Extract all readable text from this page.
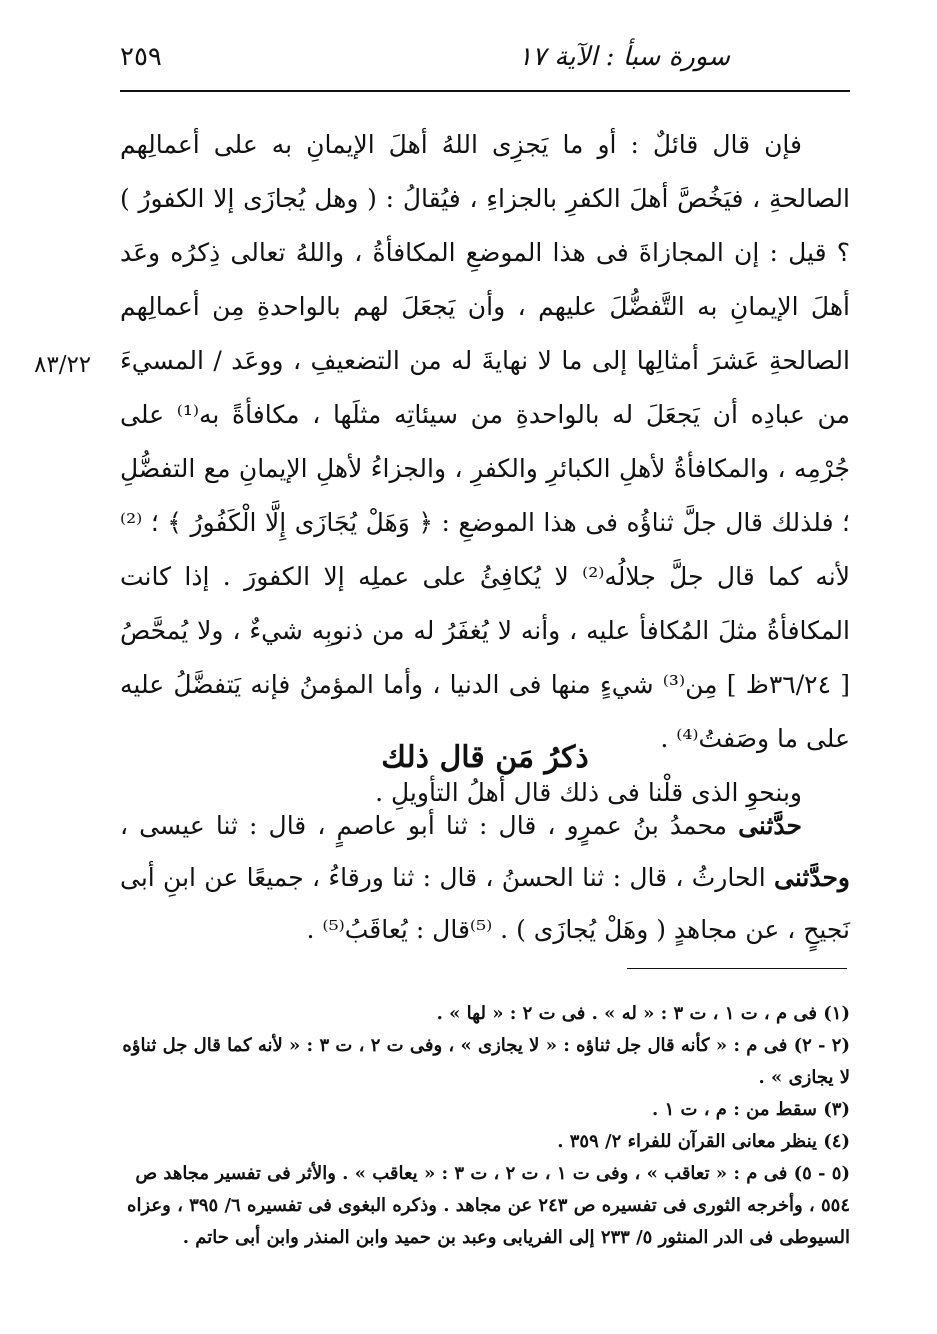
سورة سبأ : الآية ١٧
٢٥٩
٨٣/٢٢

فإن قال قائلٌ : أو ما يَجزِى اللهُ أهلَ الإيمانِ به على أعمالِهم الصالحةِ ، فيَخُصَّ أهلَ الكفرِ بالجزاءِ ، فيُقالُ : ( وهل يُجازَى إلا الكفورُ ) ؟ قيل : إن المجازاةَ فى هذا الموضعِ المكافأةُ ، واللهُ تعالى ذِكرُه وعَد أهلَ الإيمانِ به التَّفضُّلَ عليهم ، وأن يَجعَلَ لهم بالواحدةِ مِن أعمالِهم الصالحةِ عَشرَ أمثالِها إلى ما لا نهايةَ له من التضعيفِ ، ووعَد / المسيءَ من عبادِه أن يَجعَلَ له بالواحدةِ من سيئاتِه مثلَها ، مكافأةً به⁽¹⁾ على جُرْمِه ، والمكافأةُ لأهلِ الكبائرِ والكفرِ ، والجزاءُ لأهلِ الإيمانِ مع التفضُّلِ ؛ فلذلك قال جلَّ ثناؤُه فى هذا الموضعِ : ﴿ وَهَلْ يُجَازَى إِلَّا الْكَفُورُ ﴾ ؛ ⁽²⁾لأنه كما قال جلَّ جلالُه⁽²⁾ لا يُكافِئُ على عملِه إلا الكفورَ . إذا كانت المكافأةُ مثلَ المُكافأ عليه ، وأنه لا يُغفَرُ له من ذنوبِه شيءٌ ، ولا يُمحَّصُ [ ٣٦/٢٤ظ ] مِن⁽³⁾ شيءٍ منها فى الدنيا ، وأما المؤمنُ فإنه يَتفضَّلُ عليه على ما وصَفتُ⁽⁴⁾ .

وبنحوِ الذى قلْنا فى ذلك قال أهلُ التأويلِ .

ذكرُ مَن قال ذلك

حدَّثنى محمدُ بنُ عمرٍو ، قال : ثنا أبو عاصمٍ ، قال : ثنا عيسى ، وحدَّثنى الحارثُ ، قال : ثنا الحسنُ ، قال : ثنا ورقاءُ ، جميعًا عن ابنِ أبى نَجيحٍ ، عن مجاهدٍ ( وهَلْ يُجازَى ) . ⁽⁵⁾قال : يُعاقَبُ⁽⁵⁾ .

(١) فى م ، ت ١ ، ت ٣ : « له » . فى ت ٢ : « لها » .

(٢ - ٢) فى م : « كأنه قال جل ثناؤه : « لا يجازى » ، وفى ت ٢ ، ت ٣ : « لأنه كما قال جل ثناؤه لا يجازى » .

(٣) سقط من : م ، ت ١ .

(٤) ينظر معانى القرآن للفراء ٢/ ٣٥٩ .

(٥ - ٥) فى م : « تعاقب » ، وفى ت ١ ، ت ٢ ، ت ٣ : « يعاقب » . والأثر فى تفسير مجاهد ص ٥٥٤ ، وأخرجه الثورى فى تفسيره ص ٢٤٣ عن مجاهد . وذكره البغوى فى تفسيره ٦/ ٣٩٥ ، وعزاه السيوطى فى الدر المنثور ٥/ ٢٣٣ إلى الفريابى وعبد بن حميد وابن المنذر وابن أبى حاتم .
